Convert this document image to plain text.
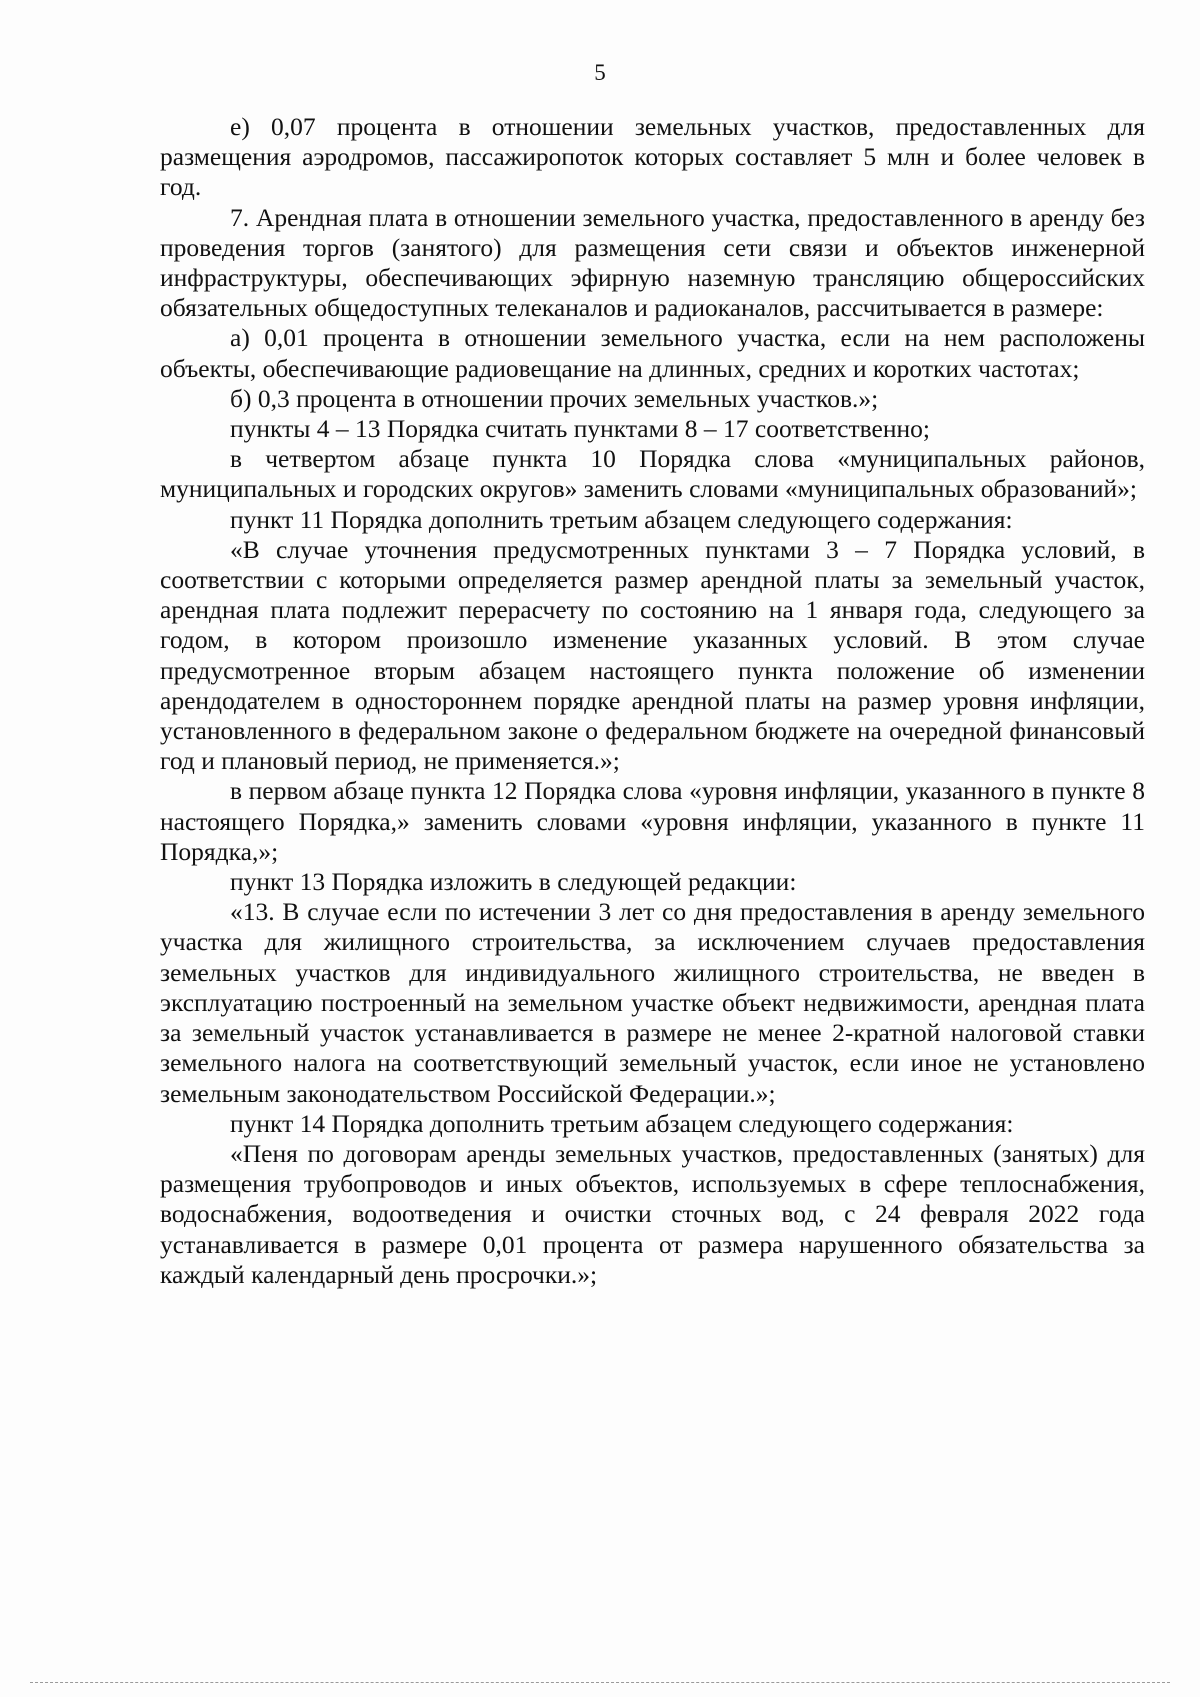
5

е) 0,07 процента в отношении земельных участков, предоставленных для размещения аэродромов, пассажиропоток которых составляет 5 млн и более человек в год.

7. Арендная плата в отношении земельного участка, предоставленного в аренду без проведения торгов (занятого) для размещения сети связи и объектов инженерной инфраструктуры, обеспечивающих эфирную наземную трансляцию общероссийских обязательных общедоступных телеканалов и радиоканалов, рассчитывается в размере:

а) 0,01 процента в отношении земельного участка, если на нем расположены объекты, обеспечивающие радиовещание на длинных, средних и коротких частотах;

б) 0,3 процента в отношении прочих земельных участков.»;

пункты 4 – 13 Порядка считать пунктами 8 – 17 соответственно;

в четвертом абзаце пункта 10 Порядка слова «муниципальных районов, муниципальных и городских округов» заменить словами «муниципальных образований»;

пункт 11 Порядка дополнить третьим абзацем следующего содержания:

«В случае уточнения предусмотренных пунктами 3 – 7 Порядка условий, в соответствии с которыми определяется размер арендной платы за земельный участок, арендная плата подлежит перерасчету по состоянию на 1 января года, следующего за годом, в котором произошло изменение указанных условий. В этом случае предусмотренное вторым абзацем настоящего пункта положение об изменении арендодателем в одностороннем порядке арендной платы на размер уровня инфляции, установленного в федеральном законе о федеральном бюджете на очередной финансовый год и плановый период, не применяется.»;

в первом абзаце пункта 12 Порядка слова «уровня инфляции, указанного в пункте 8 настоящего Порядка,» заменить словами «уровня инфляции, указанного в пункте 11 Порядка,»;

пункт 13 Порядка изложить в следующей редакции:

«13. В случае если по истечении 3 лет со дня предоставления в аренду земельного участка для жилищного строительства, за исключением случаев предоставления земельных участков для индивидуального жилищного строительства, не введен в эксплуатацию построенный на земельном участке объект недвижимости, арендная плата за земельный участок устанавливается в размере не менее 2-кратной налоговой ставки земельного налога на соответствующий земельный участок, если иное не установлено земельным законодательством Российской Федерации.»;

пункт 14 Порядка дополнить третьим абзацем следующего содержания:

«Пеня по договорам аренды земельных участков, предоставленных (занятых) для размещения трубопроводов и иных объектов, используемых в сфере теплоснабжения, водоснабжения, водоотведения и очистки сточных вод, с 24 февраля 2022 года устанавливается в размере 0,01 процента от размера нарушенного обязательства за каждый календарный день просрочки.»;
